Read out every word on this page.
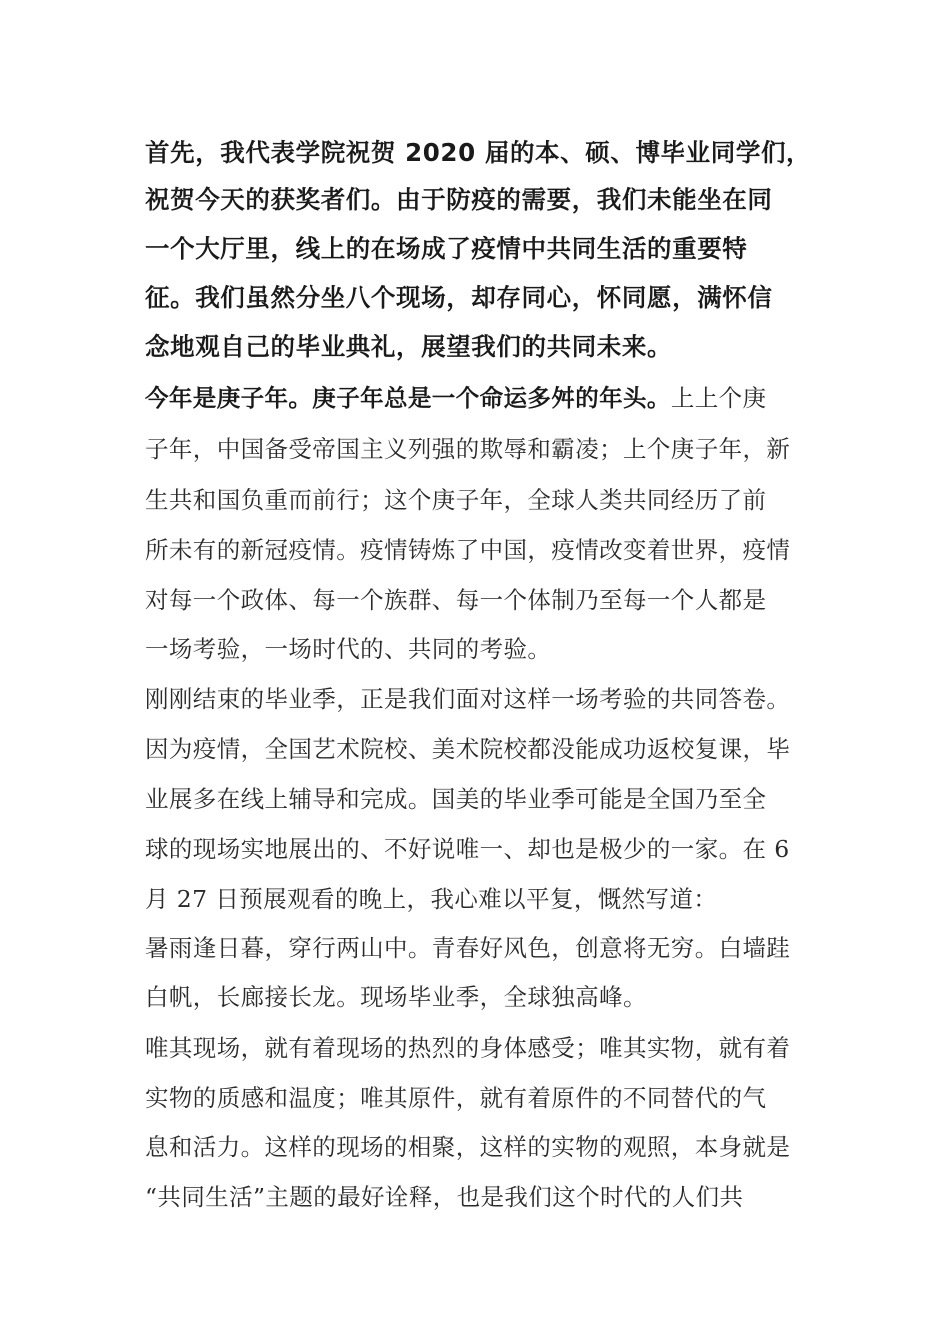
首先，我代表学院祝贺 2020 届的本、硕、博毕业同学们，
祝贺今天的获奖者们。由于防疫的需要，我们未能坐在同
一个大厅里，线上的在场成了疫情中共同生活的重要特
征。我们虽然分坐八个现场，却存同心，怀同愿，满怀信
念地观自己的毕业典礼，展望我们的共同未来。
今年是庚子年。庚子年总是一个命运多舛的年头。上上个庚
子年，中国备受帝国主义列强的欺辱和霸凌；上个庚子年，新
生共和国负重而前行；这个庚子年，全球人类共同经历了前
所未有的新冠疫情。疫情铸炼了中国，疫情改变着世界，疫情
对每一个政体、每一个族群、每一个体制乃至每一个人都是
一场考验，一场时代的、共同的考验。
刚刚结束的毕业季，正是我们面对这样一场考验的共同答卷。
因为疫情，全国艺术院校、美术院校都没能成功返校复课，毕
业展多在线上辅导和完成。国美的毕业季可能是全国乃至全
球的现场实地展出的、不好说唯一、却也是极少的一家。在 6
月 27 日预展观看的晚上，我心难以平复，慨然写道：
暑雨逢日暮，穿行两山中。青春好风色，创意将无穷。白墙跬
白帆，长廊接长龙。现场毕业季，全球独高峰。
唯其现场，就有着现场的热烈的身体感受；唯其实物，就有着
实物的质感和温度；唯其原件，就有着原件的不同替代的气
息和活力。这样的现场的相聚，这样的实物的观照，本身就是
“共同生活”主题的最好诠释，也是我们这个时代的人们共
